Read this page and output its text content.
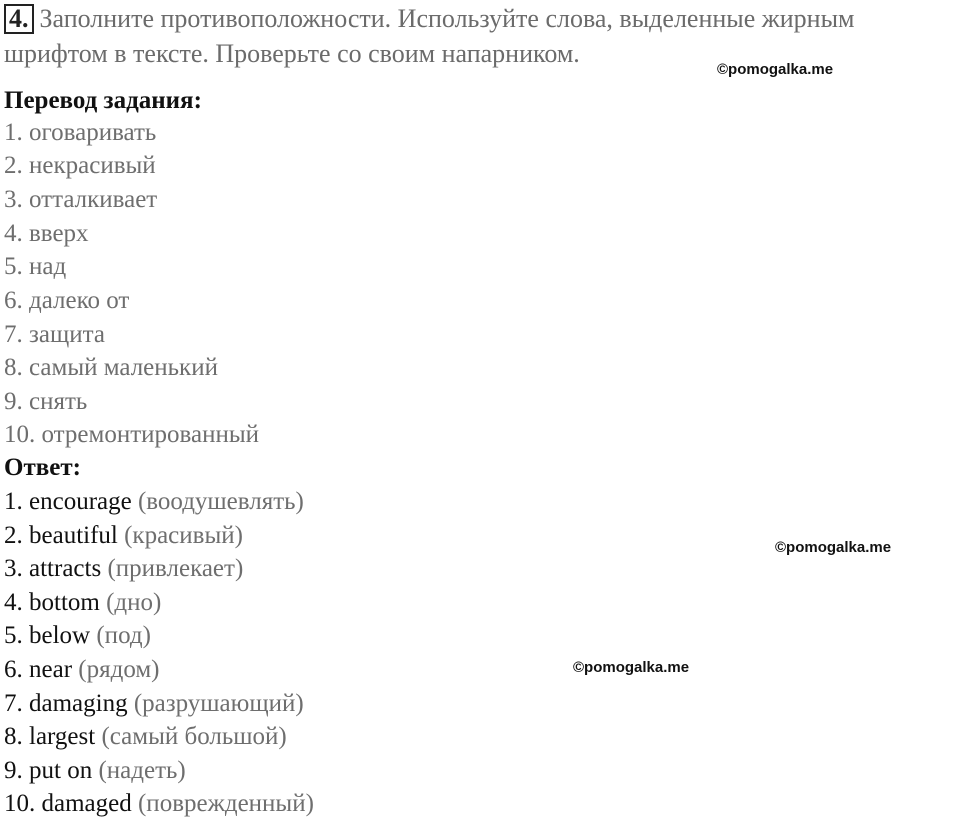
4. Заполните противоположности. Используйте слова, выделенные жирным
шрифтом в тексте. Проверьте со своим напарником.
©pomogalka.me
Перевод задания:
1. оговаривать
2. некрасивый
3. отталкивает
4. вверх
5. над
6. далеко от
7. защита
8. самый маленький
9. снять
10. отремонтированный
Ответ:
1. encourage (воодушевлять)
2. beautiful (красивый)
3. attracts (привлекает)
4. bottom (дно)
5. below (под)
6. near (рядом)
7. damaging (разрушающий)
8. largest (самый большой)
9. put on (надеть)
10. damaged (поврежденный)
©pomogalka.me
©pomogalka.me
